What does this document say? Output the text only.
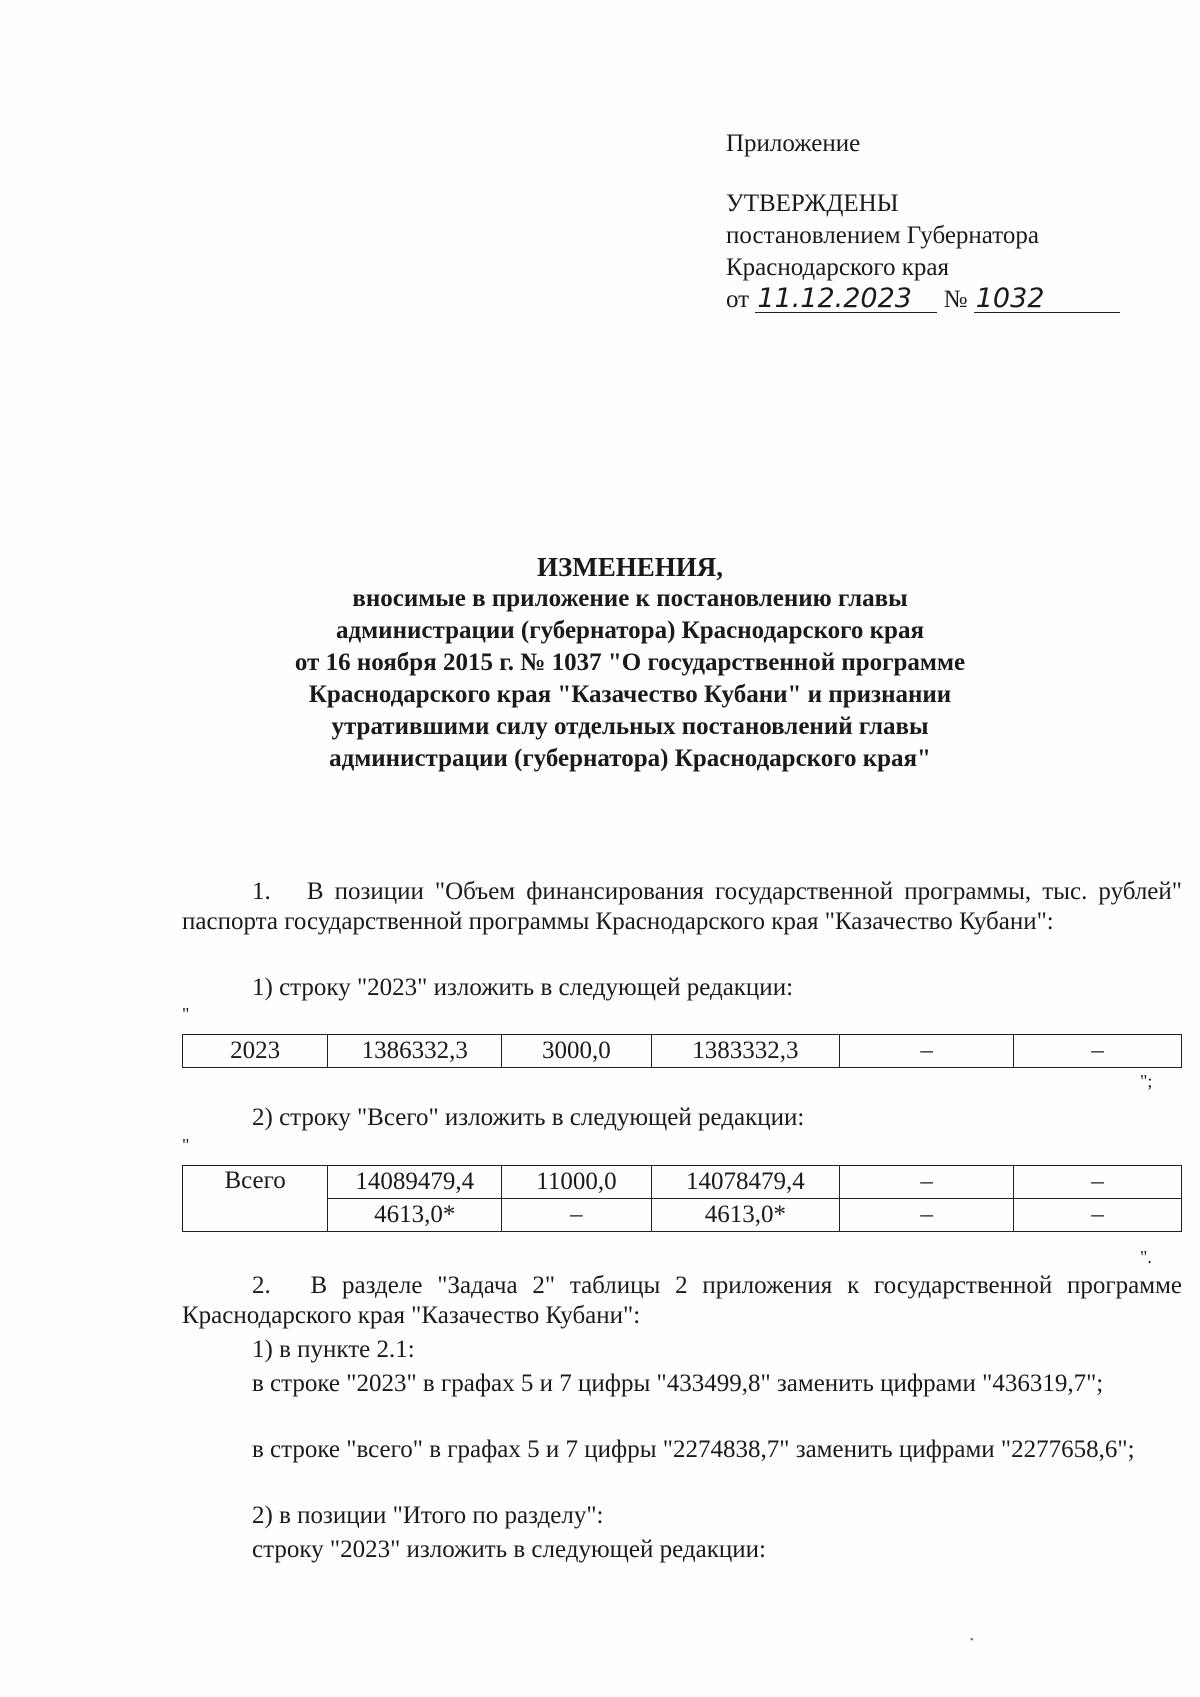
Приложение
УТВЕРЖДЕНЫ
постановлением Губернатора
Краснодарского края
от 11.12.2023 № 1032
ИЗМЕНЕНИЯ,
вносимые в приложение к постановлению главы
администрации (губернатора) Краснодарского края
от 16 ноября 2015 г. № 1037 "О государственной программе
Краснодарского края "Казачество Кубани" и признании
утратившими силу отдельных постановлений главы
администрации (губернатора) Краснодарского края"
1.  В позиции "Объем финансирования государственной программы, тыс. рублей" паспорта государственной программы Краснодарского края "Казачество Кубани":
1) строку "2023" изложить в следующей редакции:
"
2023	1386332,3	3000,0	1383332,3	–	–
";
2) строку "Всего" изложить в следующей редакции:
"
Всего	14089479,4	11000,0	14078479,4	–	–
	4613,0*	–	4613,0*	–	–
".
2.  В разделе "Задача 2" таблицы 2 приложения к государственной программе Краснодарского края "Казачество Кубани":
1) в пункте 2.1:
в строке "2023" в графах 5 и 7 цифры "433499,8" заменить цифрами "436319,7";
в строке "всего" в графах 5 и 7 цифры "2274838,7" заменить цифрами "2277658,6";
2) в позиции "Итого по разделу":
строку "2023" изложить в следующей редакции:
•
